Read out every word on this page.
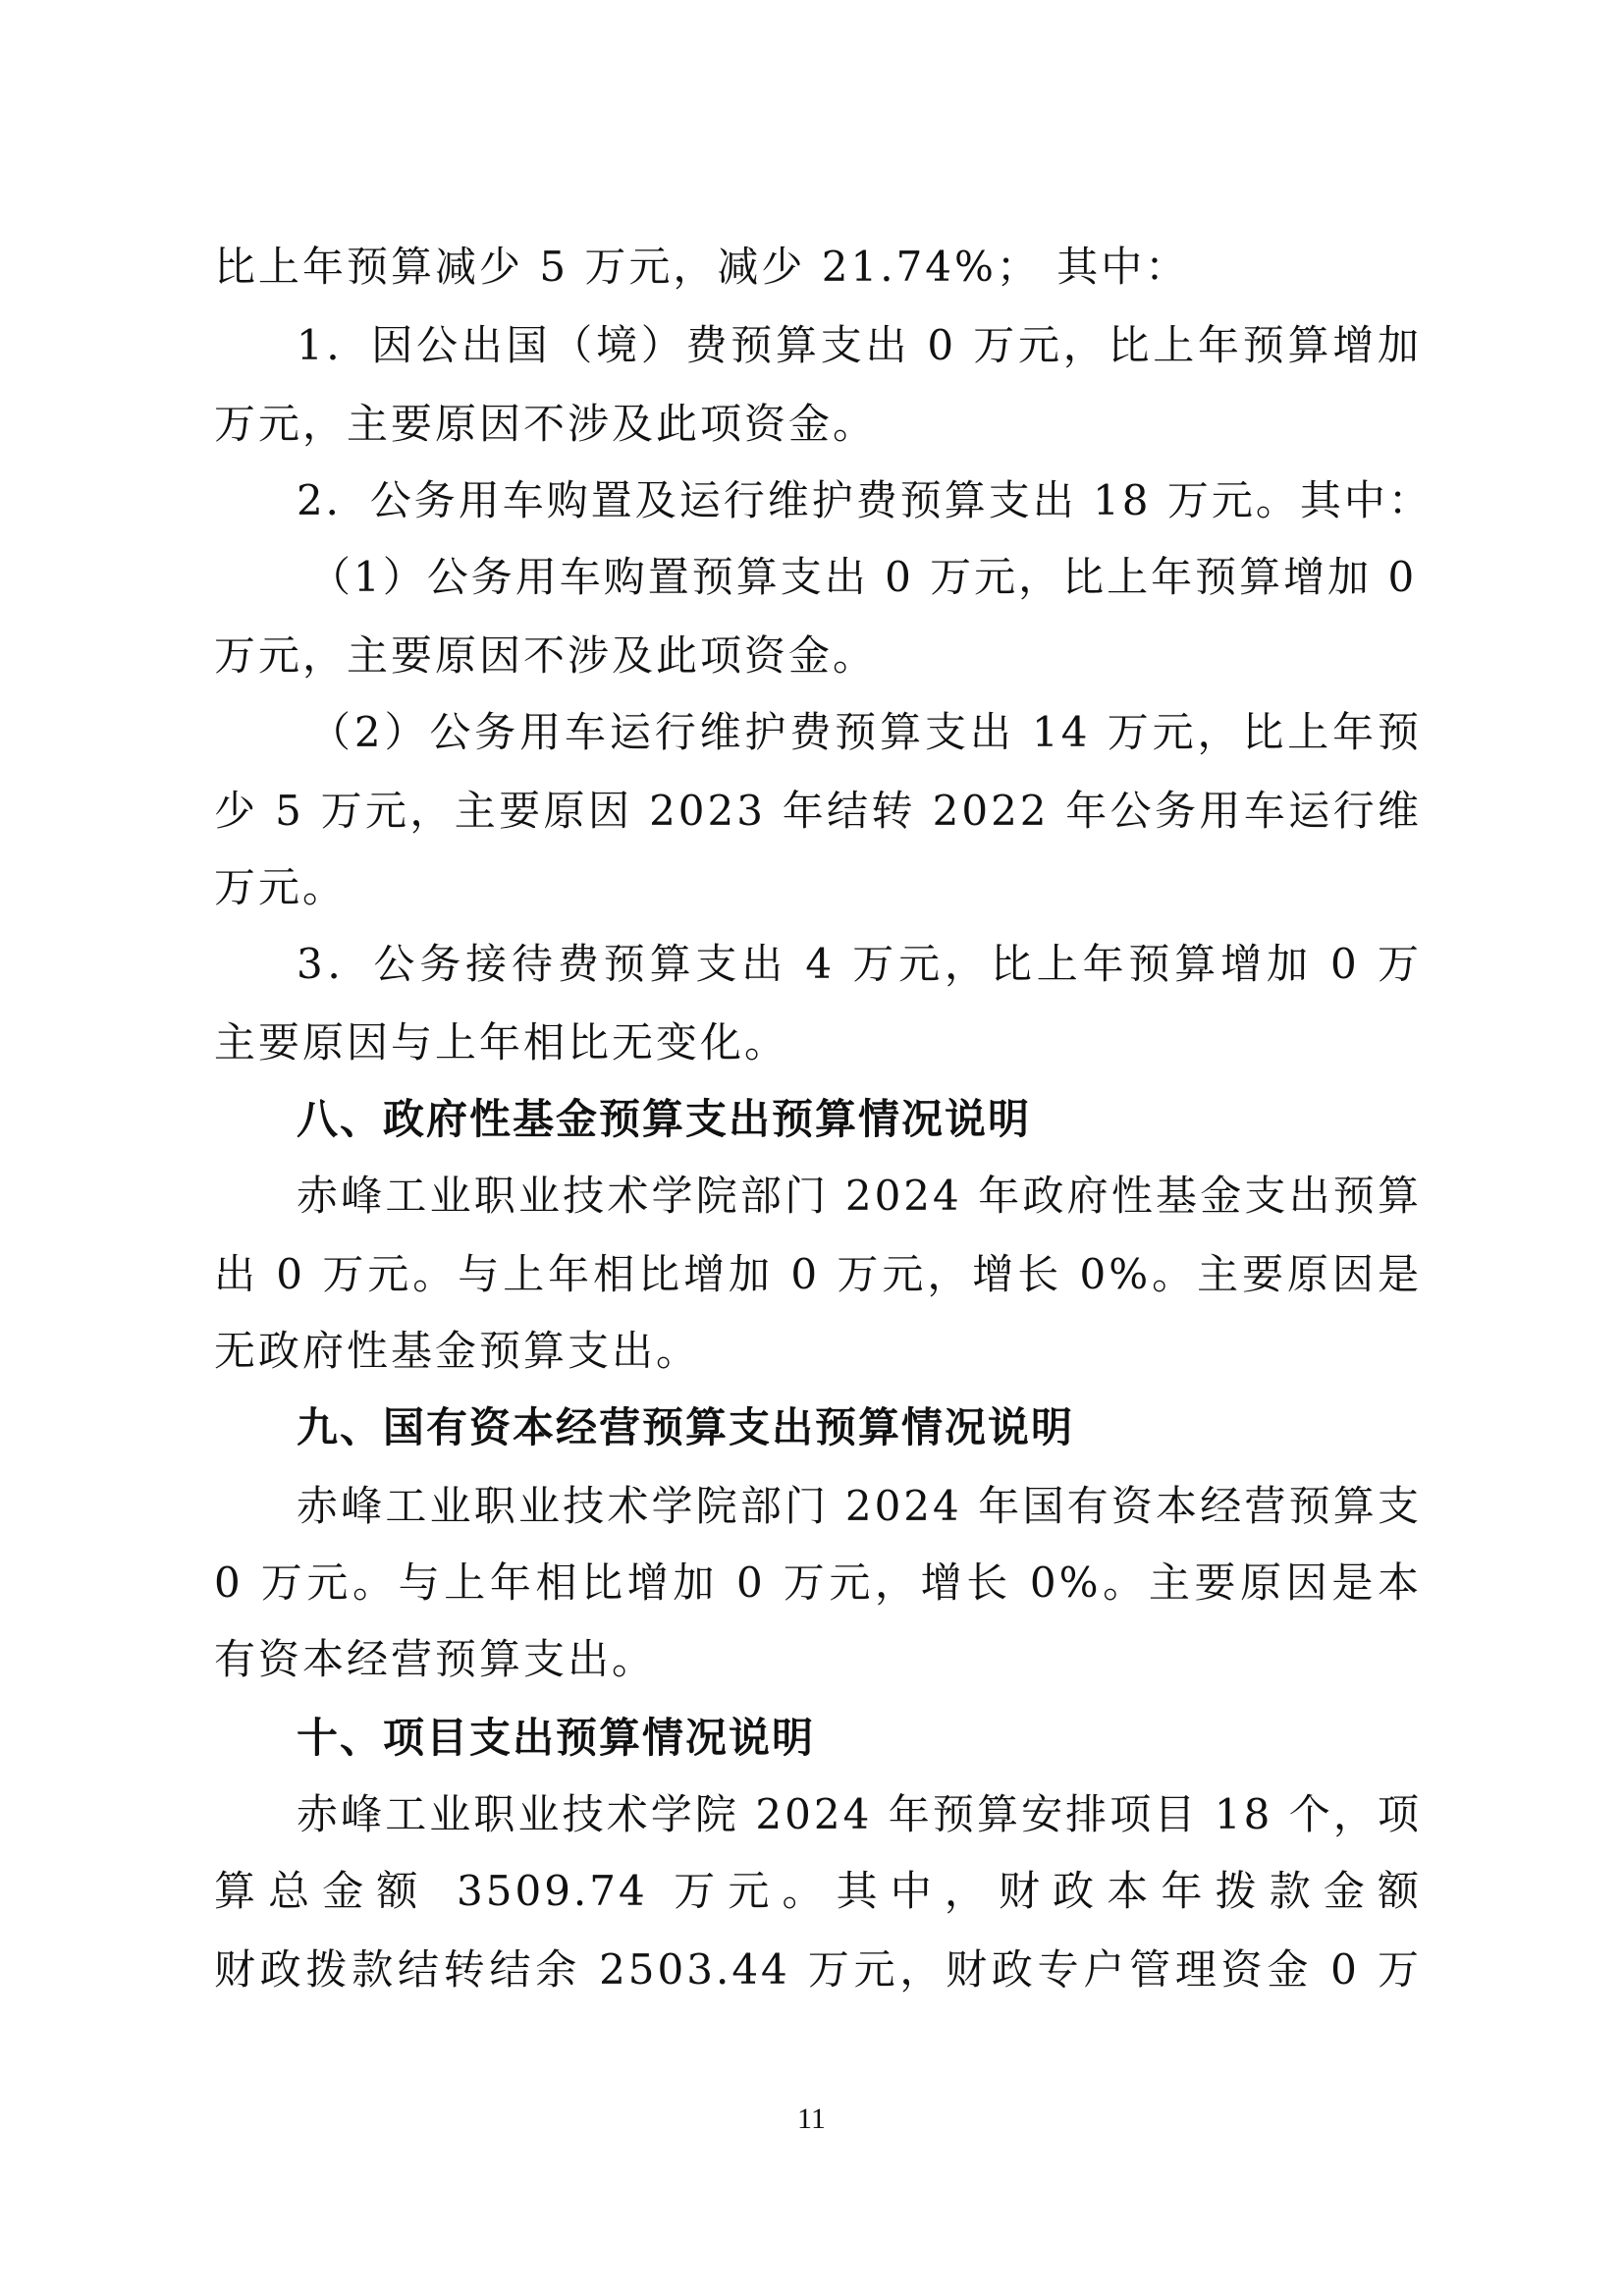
比上年预算减少 5 万元，减少 21.74%； 其中：
1．因公出国（境）费预算支出 0 万元，比上年预算增加
万元，主要原因不涉及此项资金。
2．公务用车购置及运行维护费预算支出 18 万元。其中：
（1）公务用车购置预算支出 0 万元，比上年预算增加 0
万元，主要原因不涉及此项资金。
（2）公务用车运行维护费预算支出 14 万元，比上年预
少 5 万元，主要原因 2023 年结转 2022 年公务用车运行维
万元。
3．公务接待费预算支出 4 万元，比上年预算增加 0 万
主要原因与上年相比无变化。
八、政府性基金预算支出预算情况说明
赤峰工业职业技术学院部门 2024 年政府性基金支出预算
出 0 万元。与上年相比增加 0 万元，增长 0%。主要原因是
无政府性基金预算支出。
九、国有资本经营预算支出预算情况说明
赤峰工业职业技术学院部门 2024 年国有资本经营预算支
0 万元。与上年相比增加 0 万元，增长 0%。主要原因是本
有资本经营预算支出。
十、项目支出预算情况说明
赤峰工业职业技术学院 2024 年预算安排项目 18 个，项
算总金额 3509.74 万元。其中，财政本年拨款金额
财政拨款结转结余 2503.44 万元，财政专户管理资金 0 万
11
